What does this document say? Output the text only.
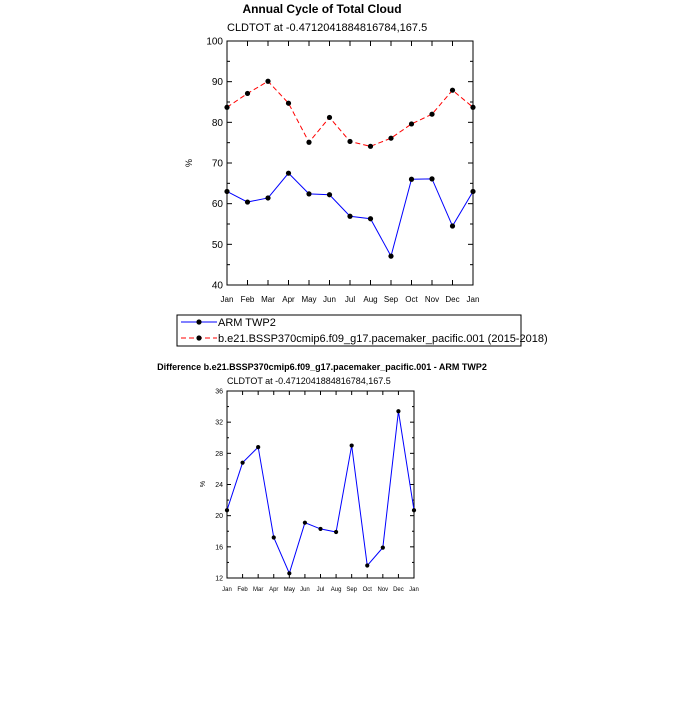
Annual Cycle of Total Cloud
CLDTOT at -0.4712041884816784,167.5
%
40
50
60
70
80
90
100
Jan Feb Mar Apr May Jun Jul Aug Sep Oct Nov Dec Jan
ARM TWP2
b.e21.BSSP370cmip6.f09_g17.pacemaker_pacific.001 (2015-2018)
Difference b.e21.BSSP370cmip6.f09_g17.pacemaker_pacific.001 - ARM TWP2
CLDTOT at -0.4712041884816784,167.5
%
12
16
20
24
28
32
36
Jan Feb Mar Apr May Jun Jul Aug Sep Oct Nov Dec Jan
